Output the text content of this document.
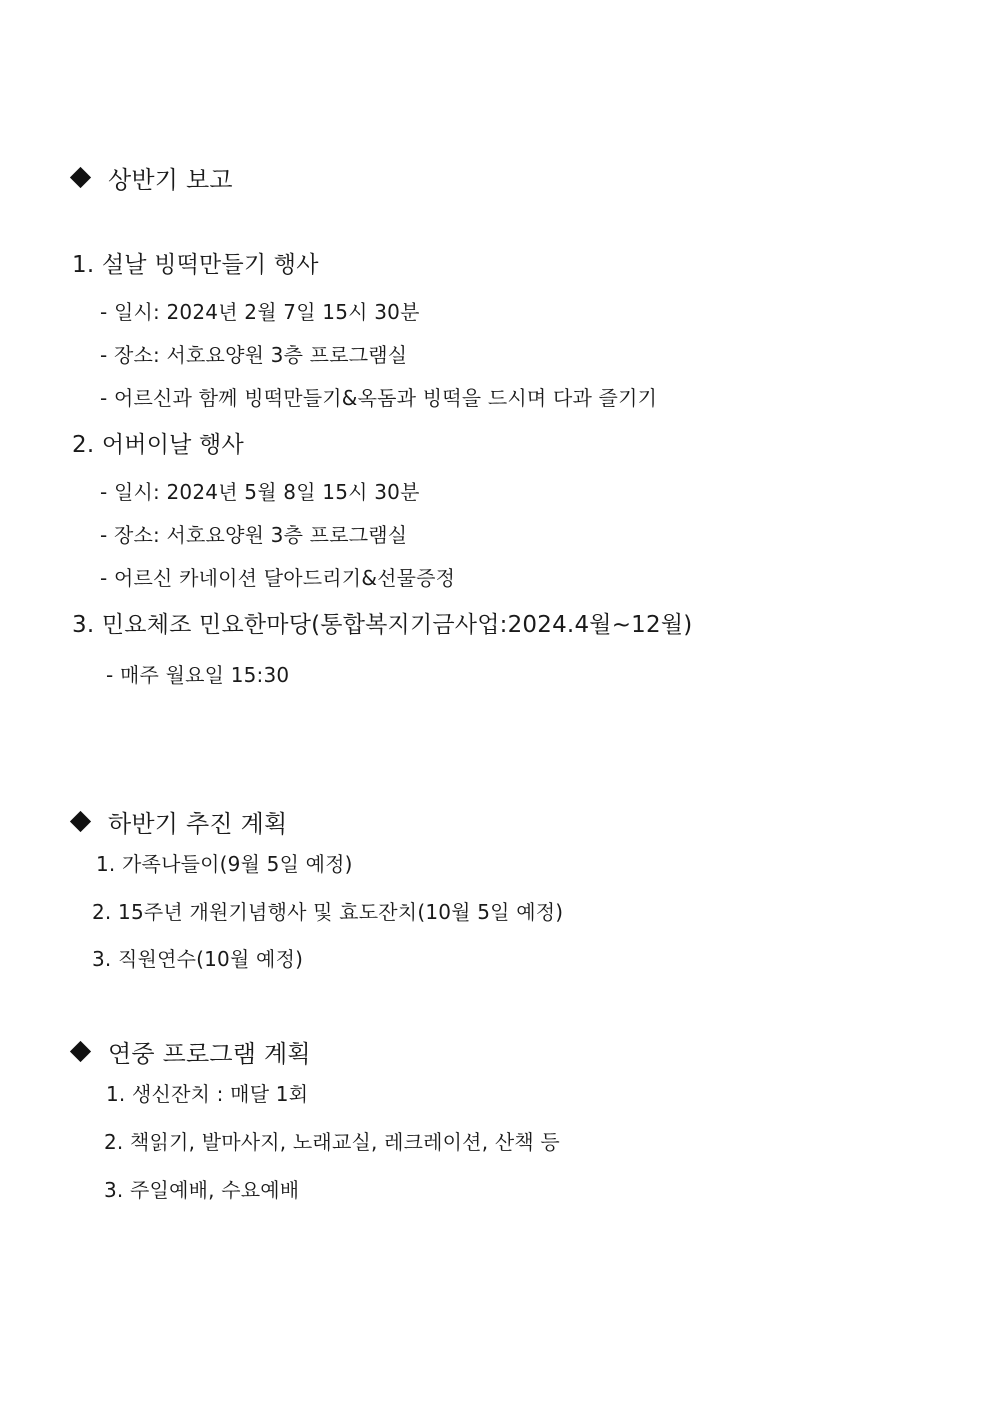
상반기 보고
1. 설날 빙떡만들기 행사
- 일시: 2024년 2월 7일 15시 30분
- 장소: 서호요양원 3층 프로그램실
- 어르신과 함께 빙떡만들기&옥돔과 빙떡을 드시며 다과 즐기기
2. 어버이날 행사
- 일시: 2024년 5월 8일 15시 30분
- 장소: 서호요양원 3층 프로그램실
- 어르신 카네이션 달아드리기&선물증정
3. 민요체조 민요한마당(통합복지기금사업:2024.4월~12월)
- 매주 월요일 15:30
하반기 추진 계획
1. 가족나들이(9월 5일 예정)
2. 15주년 개원기념행사 및 효도잔치(10월 5일 예정)
3. 직원연수(10월 예정)
연중 프로그램 계획
1. 생신잔치 : 매달 1회
2. 책읽기, 발마사지, 노래교실, 레크레이션, 산책 등
3. 주일예배, 수요예배
